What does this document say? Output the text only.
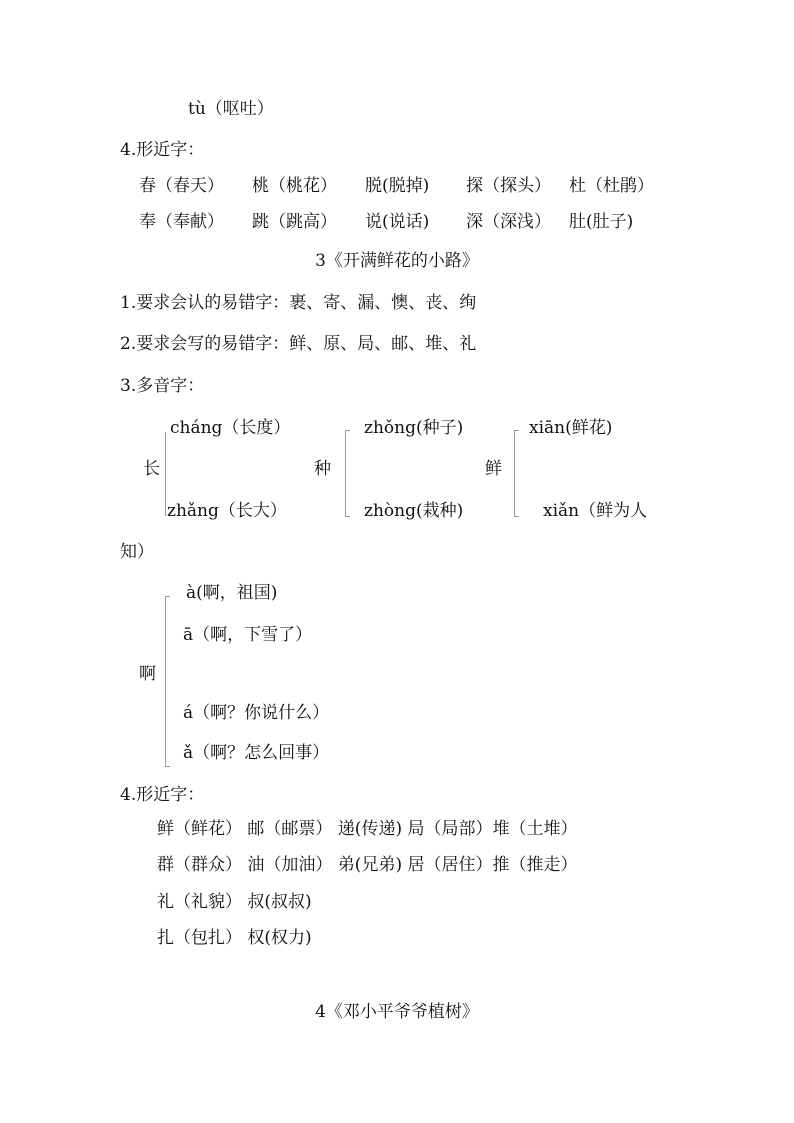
tù（呕吐）
4.形近字：
春（春天） 桃（桃花） 脱(脱掉) 探（探头） 杜（杜鹃）
奉（奉献） 跳（跳高） 说(说话) 深（深浅） 肚(肚子)
3《开满鲜花的小路》
1.要求会认的易错字：裹、寄、漏、懊、丧、绚
2.要求会写的易错字：鲜、原、局、邮、堆、礼
3.多音字：
长
cháng（长度）
zhǎng（长大）
种
zhǒng(种子)
zhòng(栽种)
鲜
xiān(鲜花)
xiǎn（鲜为人
知）
啊
à(啊，祖国)
ā（啊，下雪了）
á（啊？你说什么）
ǎ（啊？怎么回事）
4.形近字：
鲜（鲜花） 邮（邮票） 递(传递) 局（局部）堆（土堆）
群（群众） 油（加油） 弟(兄弟) 居（居住）推（推走）
礼（礼貌） 叔(叔叔)
扎（包扎） 权(权力)
4《邓小平爷爷植树》
